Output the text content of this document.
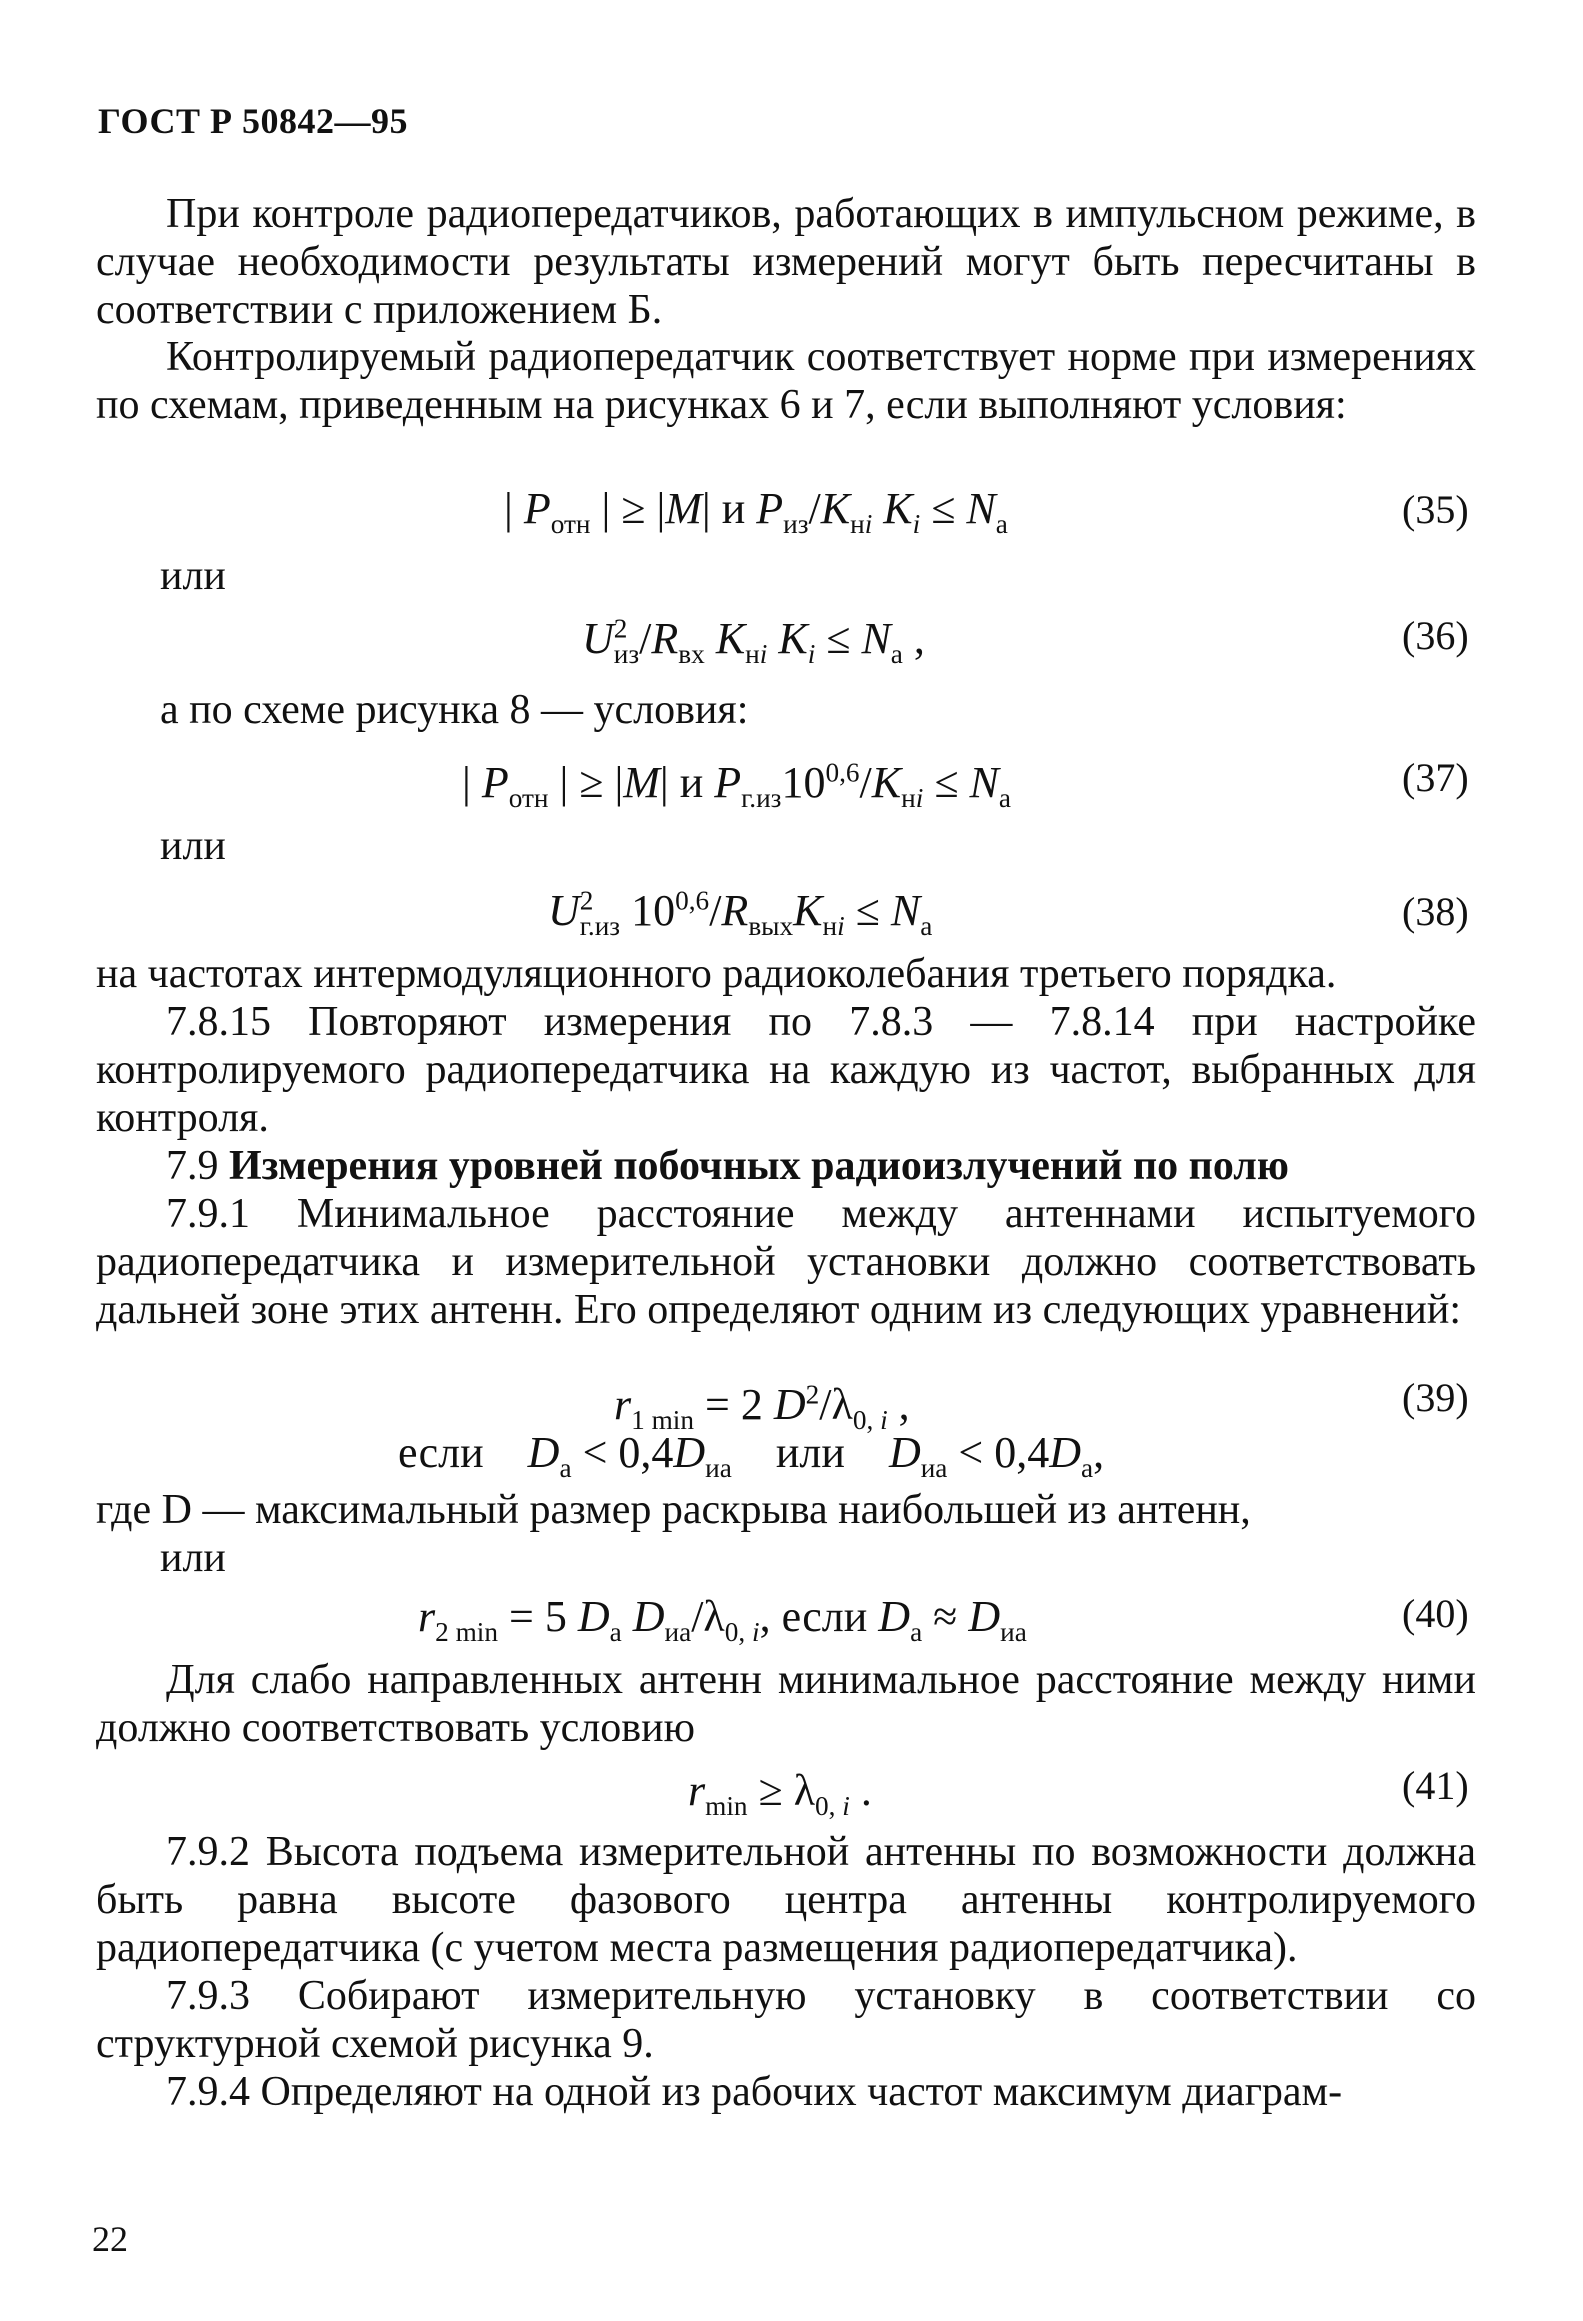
ГОСТ Р 50842—95
При контроле радиопередатчиков, работающих в импульсном режиме, в случае необходимости результаты измерений могут быть пересчитаны в соответствии с приложением Б.
Контролируемый радиопередатчик соответствует норме при измерениях по схемам, приведенным на рисунках 6 и 7, если выполняют условия:
| $P_{отн}$ | ≥ |M| и $P_{из}/K_{нi}$ $K_i \le N_а$	(35)
или
$U^2_{из}/R_{вх}$ $K_{нi}$ $K_i \le N_а$ ,	(36)
а по схеме рисунка 8 — условия:
| $P_{отн}$ | ≥ |M| и $P_{г.из}10^{0,6}/K_{нi} \le N_а$	(37)
или
$U^2_{г.из}$ $10^{0,6}/R_{вых}K_{нi} \le N_а$	(38)
на частотах интермодуляционного радиоколебания третьего порядка.
7.8.15 Повторяют измерения по 7.8.3 — 7.8.14 при настройке контролируемого радиопередатчика на каждую из частот, выбранных для контроля.
7.9 Измерения уровней побочных радиоизлучений по полю
7.9.1 Минимальное расстояние между антеннами испытуемого радиопередатчика и измерительной установки должно соответствовать дальней зоне этих антенн. Его определяют одним из следующих уравнений:
$r_{1 min} = 2$ $D^2/\lambda_{0, i}$ ,	(39)
если $D_а < 0,4D_{иа}$ или $D_{иа} < 0,4D_а$,
где D — максимальный размер раскрыва наибольшей из антенн,
или
$r_{2 min} = 5$ $D_а$ $D_{иа}/\lambda_{0, i}$, если $D_а \approx D_{иа}$	(40)
Для слабо направленных антенн минимальное расстояние между ними должно соответствовать условию
$r_{min} \ge \lambda_{0, i}$ .	(41)
7.9.2 Высота подъема измерительной антенны по возможности должна быть равна высоте фазового центра антенны контролируемого радиопередатчика (с учетом места размещения радиопередатчика).
7.9.3 Собирают измерительную установку в соответствии со структурной схемой рисунка 9.
7.9.4 Определяют на одной из рабочих частот максимум диаграм-
22
